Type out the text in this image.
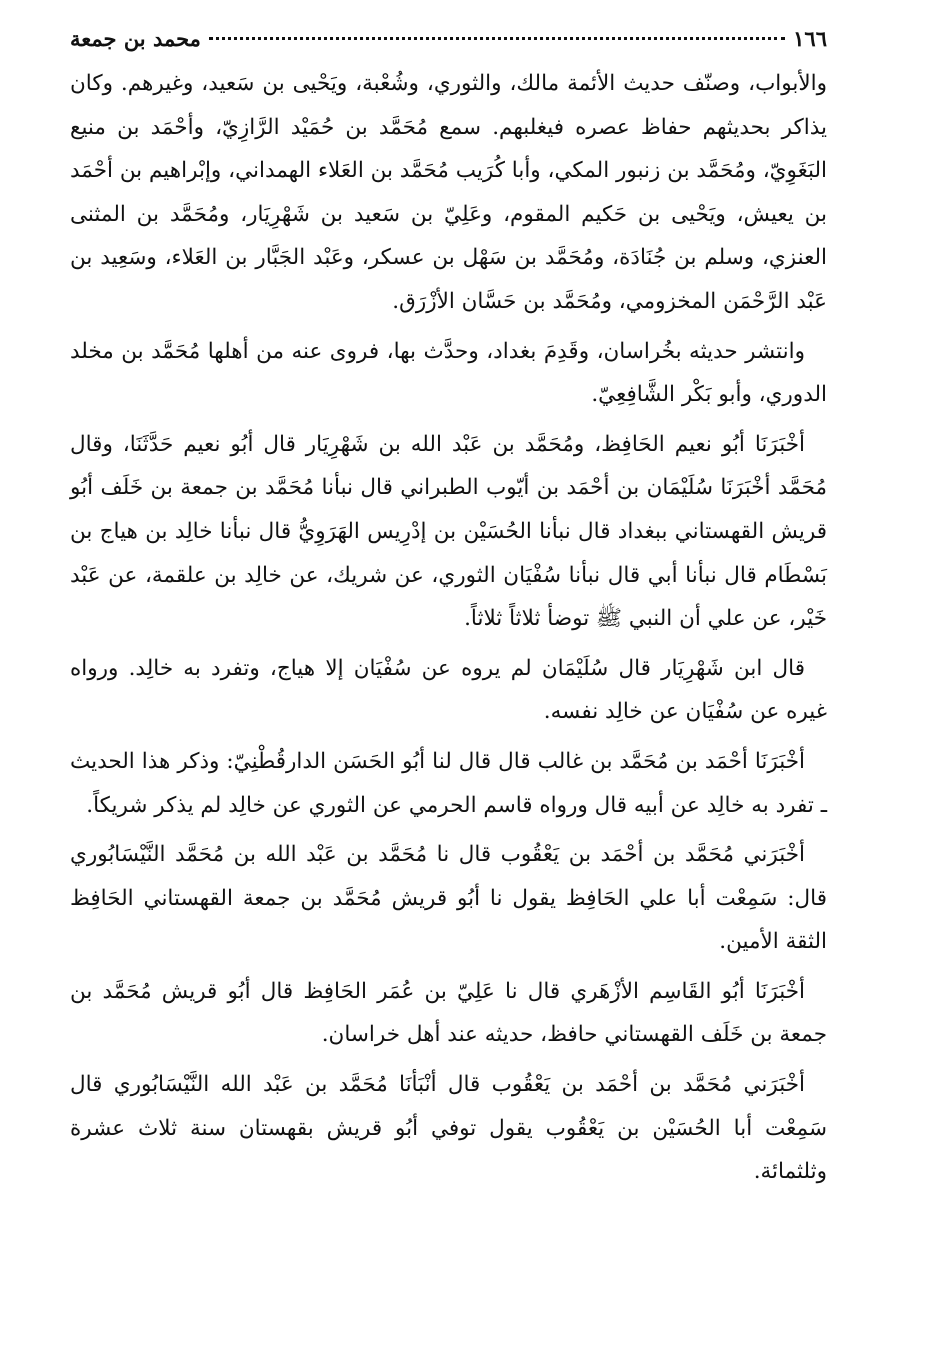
١٦٦
محمد بن جمعة

والأبواب، وصنّف حديث الأئمة مالك، والثوري، وشُعْبة، ويَحْيى بن سَعيد، وغيرهم. وكان يذاكر بحديثهم حفاظ عصره فيغلبهم. سمع مُحَمَّد بن حُمَيْد الرَّازِيّ، وأحْمَد بن منيع البَغَوِيّ، ومُحَمَّد بن زنبور المكي، وأبا كُرَيب مُحَمَّد بن العَلاء الهمداني، وإبْراهيم بن أحْمَد بن يعيش، ويَحْيى بن حَكيم المقوم، وعَلِيّ بن سَعيد بن شَهْرِيَار، ومُحَمَّد بن المثنى العنزي، وسلم بن جُنَادَة، ومُحَمَّد بن سَهْل بن عسكر، وعَبْد الجَبَّار بن العَلاء، وسَعِيد بن عَبْد الرَّحْمَن المخزومي، ومُحَمَّد بن حَسَّان الأزْرَق.

وانتشر حديثه بخُراسان، وقَدِمَ بغداد، وحدَّث بها، فروى عنه من أهلها مُحَمَّد بن مخلد الدوري، وأبو بَكْر الشَّافِعِيّ.

أخْبَرَنَا أبُو نعيم الحَافِظ، ومُحَمَّد بن عَبْد الله بن شَهْرِيَار قال أبُو نعيم حَدَّثَنَا، وقال مُحَمَّد أخْبَرَنَا سُلَيْمَان بن أحْمَد بن أيّوب الطبراني قال نبأنا مُحَمَّد بن جمعة بن خَلَف أبُو قريش القهستاني ببغداد قال نبأنا الحُسَيْن بن إدْرِيس الهَرَوِيُّ قال نبأنا خالِد بن هياج بن بَسْطَام قال نبأنا أبي قال نبأنا سُفْيَان الثوري، عن شريك، عن خالِد بن علقمة، عن عَبْد خَيْر، عن علي أن النبي ﷺ توضأ ثلاثاً ثلاثاً.

قال ابن شَهْرِيَار قال سُلَيْمَان لم يروه عن سُفْيَان إلا هياج، وتفرد به خالِد. ورواه غيره عن سُفْيَان عن خالِد نفسه.

أخْبَرَنَا أحْمَد بن مُحَمَّد بن غالب قال قال لنا أبُو الحَسَن الدارقُطْنِيّ: وذكر هذا الحديث ـ تفرد به خالِد عن أبيه قال ورواه قاسم الحرمي عن الثوري عن خالِد لم يذكر شريكاً.

أخْبَرَني مُحَمَّد بن أحْمَد بن يَعْقُوب قال نا مُحَمَّد بن عَبْد الله بن مُحَمَّد النَّيْسَابُوري قال: سَمِعْت أبا علي الحَافِظ يقول نا أبُو قريش مُحَمَّد بن جمعة القهستاني الحَافِظ الثقة الأمين.

أخْبَرَنَا أبُو القَاسِم الأزْهَري قال نا عَلِيّ بن عُمَر الحَافِظ قال أبُو قريش مُحَمَّد بن جمعة بن خَلَف القهستاني حافظ، حديثه عند أهل خراسان.

أخْبَرَني مُحَمَّد بن أحْمَد بن يَعْقُوب قال أنْبَأنَا مُحَمَّد بن عَبْد الله النَّيْسَابُوري قال سَمِعْت أبا الحُسَيْن بن يَعْقُوب يقول توفي أبُو قريش بقهستان سنة ثلاث عشرة وثلثمائة.
